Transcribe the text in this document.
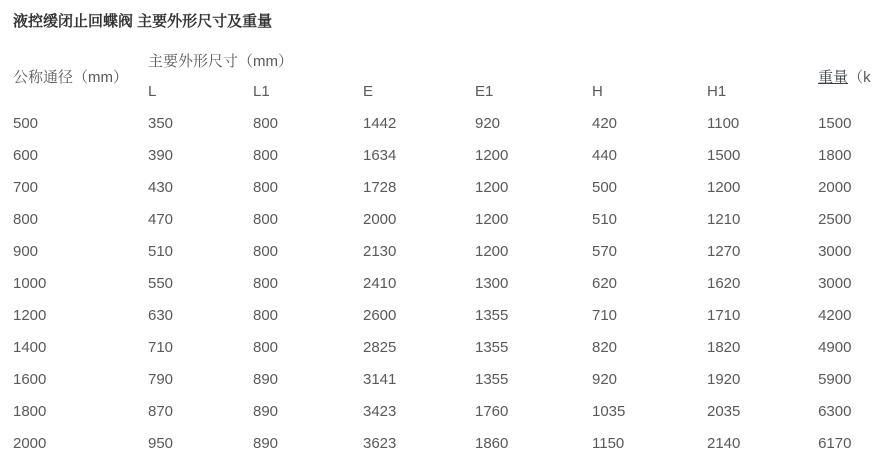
液控缓闭止回蝶阀 主要外形尺寸及重量
公称通径（mm）	主要外形尺寸（mm）						重量（k
	L	L1	E	E1	H	H1	
500	350	800	1442	920	420	1100	1500
600	390	800	1634	1200	440	1500	1800
700	430	800	1728	1200	500	1200	2000
800	470	800	2000	1200	510	1210	2500
900	510	800	2130	1200	570	1270	3000
1000	550	800	2410	1300	620	1620	3000
1200	630	800	2600	1355	710	1710	4200
1400	710	800	2825	1355	820	1820	4900
1600	790	890	3141	1355	920	1920	5900
1800	870	890	3423	1760	1035	2035	6300
2000	950	890	3623	1860	1150	2140	6170
